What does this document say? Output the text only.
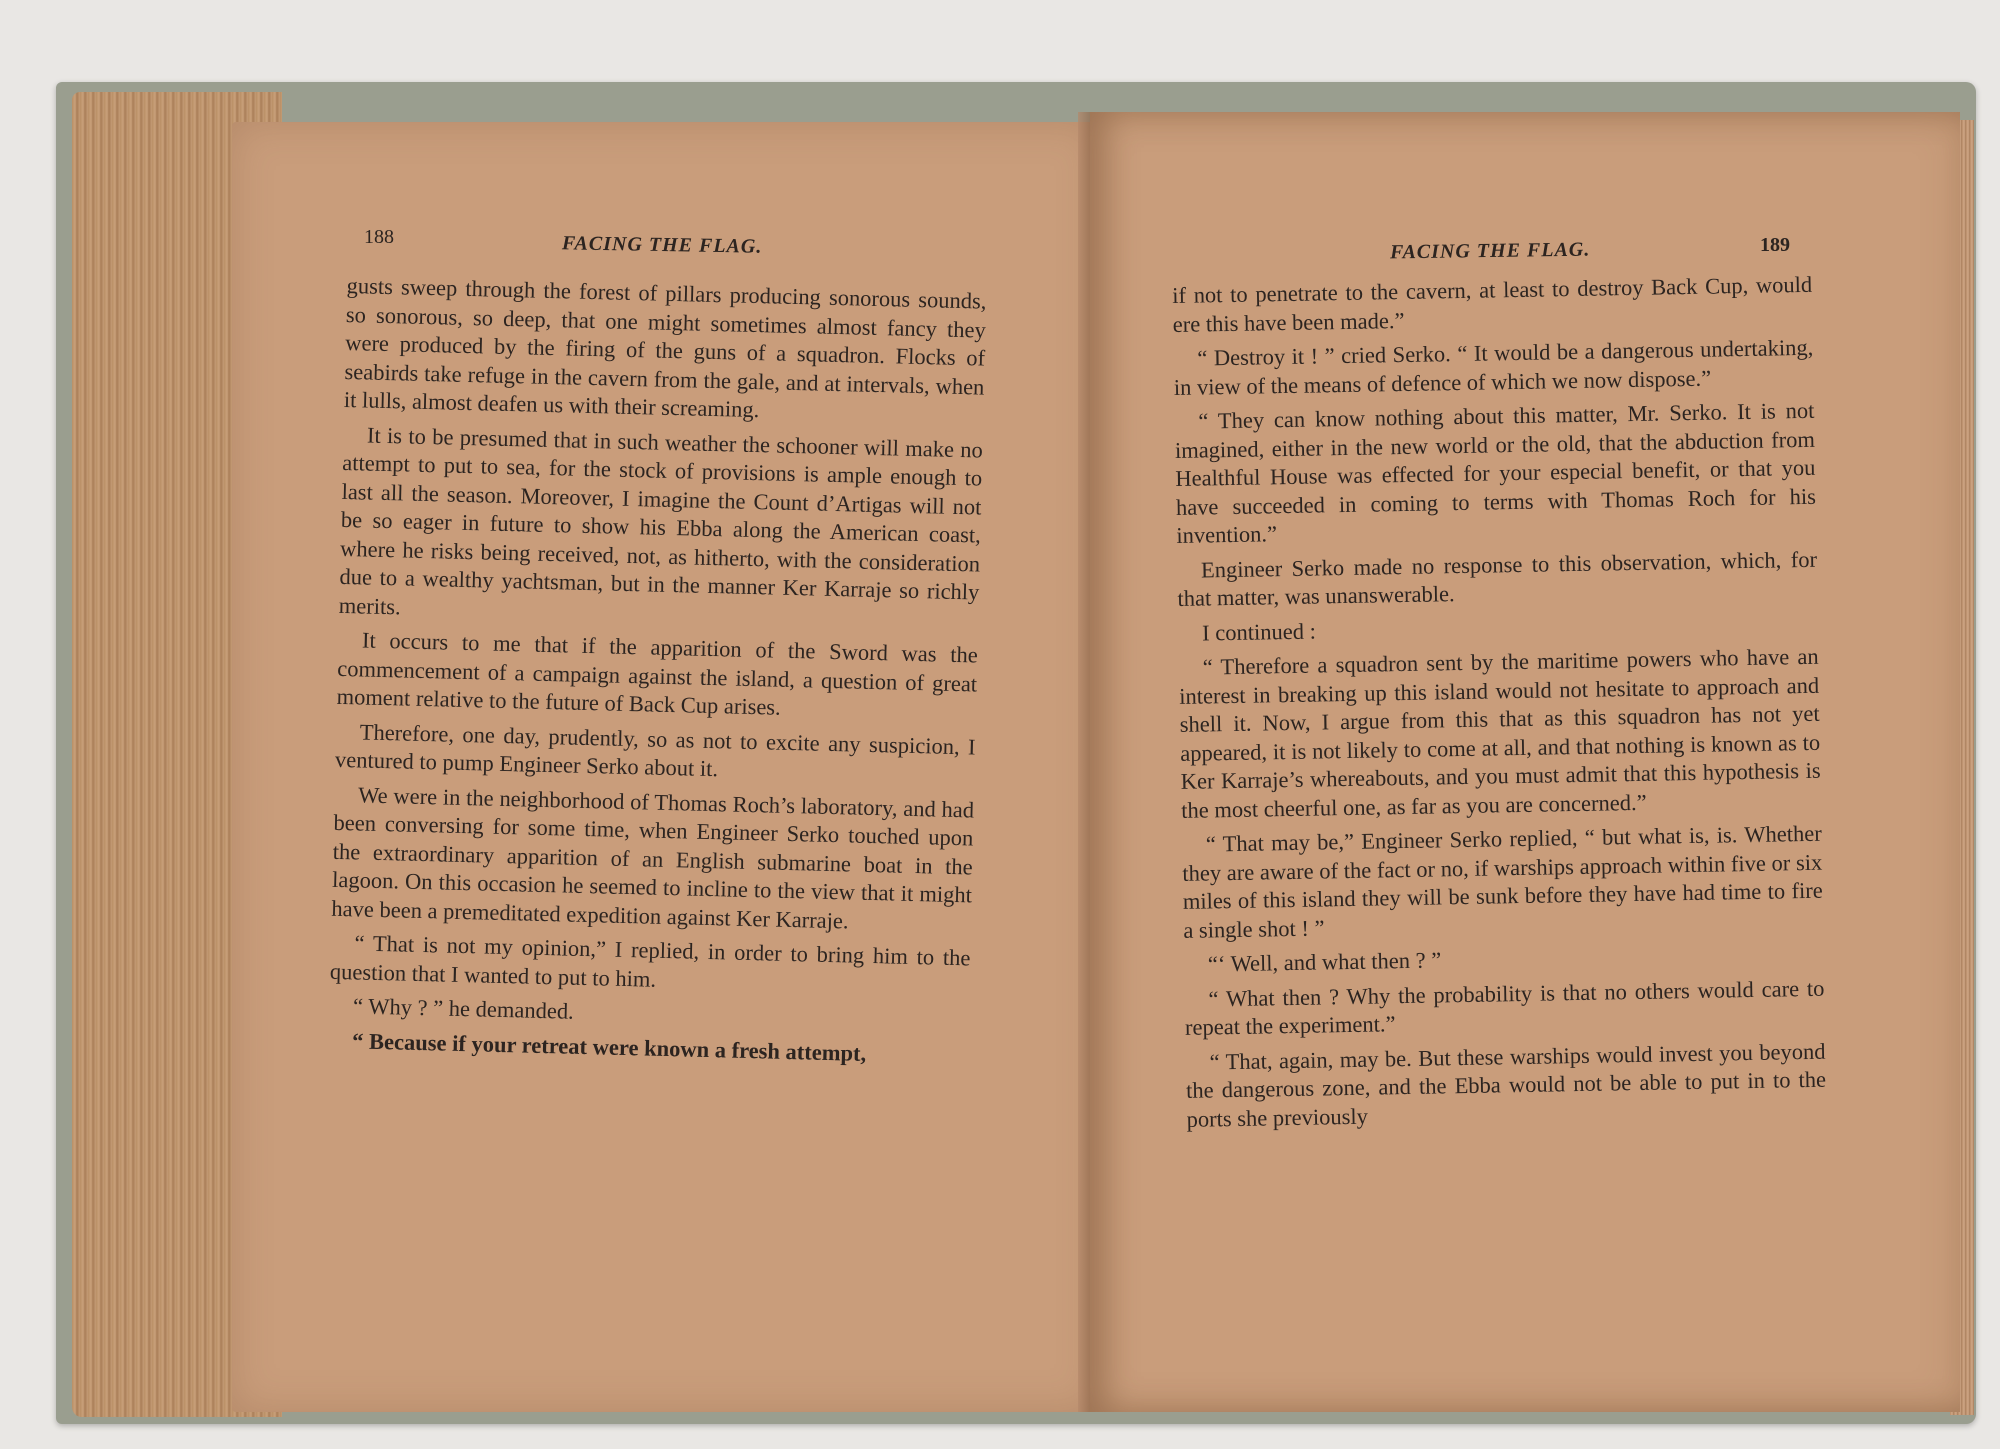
188	FACING THE FLAG.

gusts sweep through the forest of pillars producing sonorous sounds, so sonorous, so deep, that one might sometimes almost fancy they were produced by the firing of the guns of a squadron. Flocks of seabirds take refuge in the cavern from the gale, and at intervals, when it lulls, almost deafen us with their screaming.

It is to be presumed that in such weather the schooner will make no attempt to put to sea, for the stock of provisions is ample enough to last all the season. Moreover, I imagine the Count d’Artigas will not be so eager in future to show his Ebba along the American coast, where he risks being received, not, as hitherto, with the consideration due to a wealthy yachtsman, but in the manner Ker Karraje so richly merits.

It occurs to me that if the apparition of the Sword was the commencement of a campaign against the island, a question of great moment relative to the future of Back Cup arises.

Therefore, one day, prudently, so as not to excite any suspicion, I ventured to pump Engineer Serko about it.

We were in the neighborhood of Thomas Roch’s laboratory, and had been conversing for some time, when Engineer Serko touched upon the extraordinary apparition of an English submarine boat in the lagoon. On this occasion he seemed to incline to the view that it might have been a premeditated expedition against Ker Karraje.

“ That is not my opinion,” I replied, in order to bring him to the question that I wanted to put to him.

“ Why ? ” he demanded.

“ Because if your retreat were known a fresh attempt,

FACING THE FLAG.	189

if not to penetrate to the cavern, at least to destroy Back Cup, would ere this have been made.”

“ Destroy it ! ” cried Serko. “ It would be a dangerous undertaking, in view of the means of defence of which we now dispose.”

“ They can know nothing about this matter, Mr. Serko. It is not imagined, either in the new world or the old, that the abduction from Healthful House was effected for your especial benefit, or that you have succeeded in coming to terms with Thomas Roch for his invention.”

Engineer Serko made no response to this observation, which, for that matter, was unanswerable.

I continued :

“ Therefore a squadron sent by the maritime powers who have an interest in breaking up this island would not hesitate to approach and shell it. Now, I argue from this that as this squadron has not yet appeared, it is not likely to come at all, and that nothing is known as to Ker Karraje’s whereabouts, and you must admit that this hypothesis is the most cheerful one, as far as you are concerned.”

“ That may be,” Engineer Serko replied, “ but what is, is. Whether they are aware of the fact or no, if warships approach within five or six miles of this island they will be sunk before they have had time to fire a single shot ! ”

“‘ Well, and what then ? ”

“ What then ? Why the probability is that no others would care to repeat the experiment.”

“ That, again, may be. But these warships would invest you beyond the dangerous zone, and the Ebba would not be able to put in to the ports she previously
